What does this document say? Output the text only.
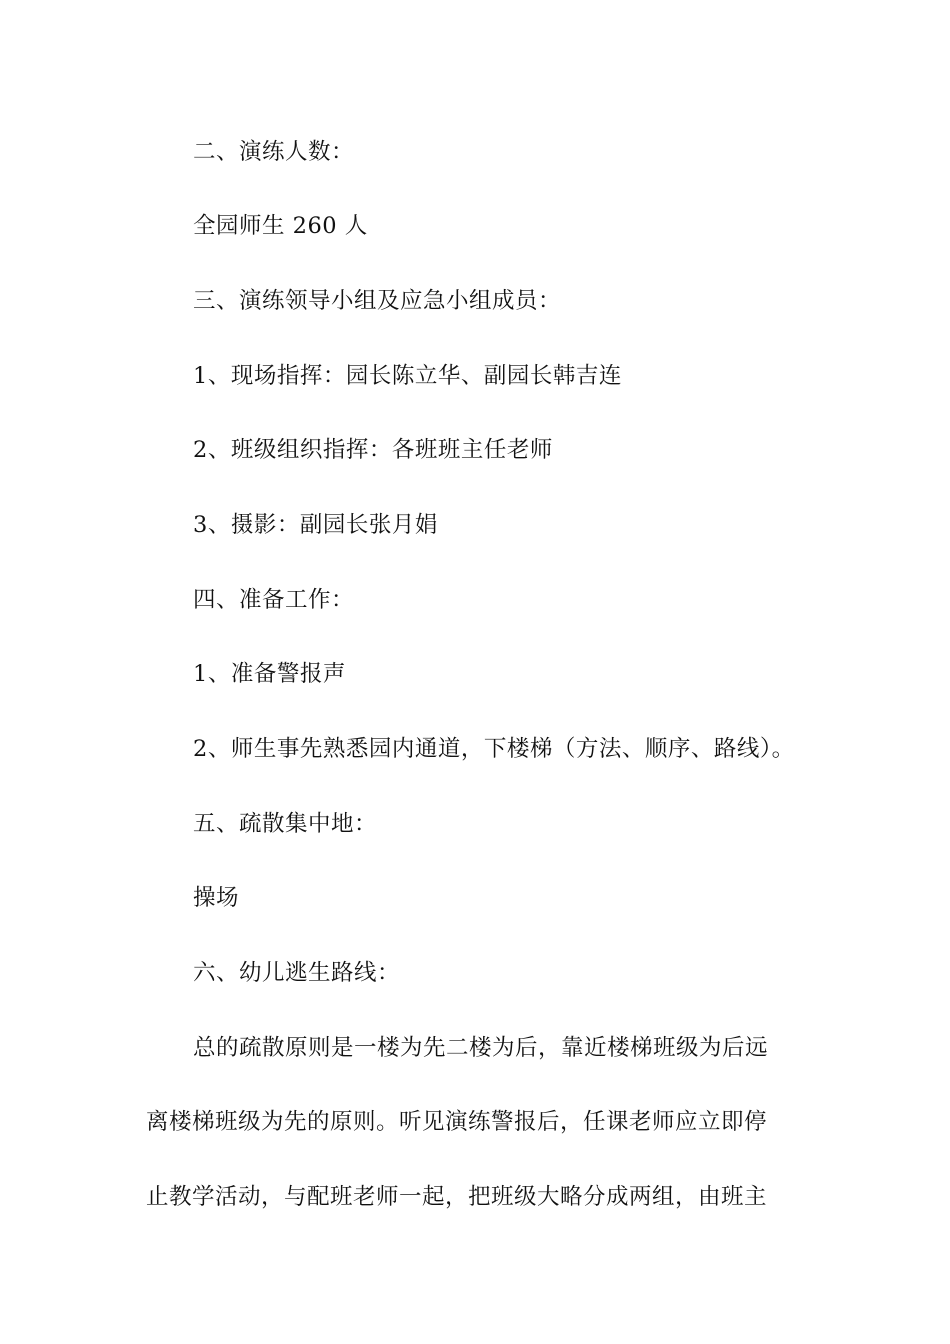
二、演练人数：

全园师生 260 人

三、演练领导小组及应急小组成员：

1、现场指挥：园长陈立华、副园长韩吉连

2、班级组织指挥：各班班主任老师

3、摄影：副园长张月娟

四、准备工作：

1、准备警报声

2、师生事先熟悉园内通道，下楼梯（方法、顺序、路线）。

五、疏散集中地：

操场

六、幼儿逃生路线：

总的疏散原则是一楼为先二楼为后，靠近楼梯班级为后远

离楼梯班级为先的原则。听见演练警报后，任课老师应立即停

止教学活动，与配班老师一起，把班级大略分成两组，由班主
